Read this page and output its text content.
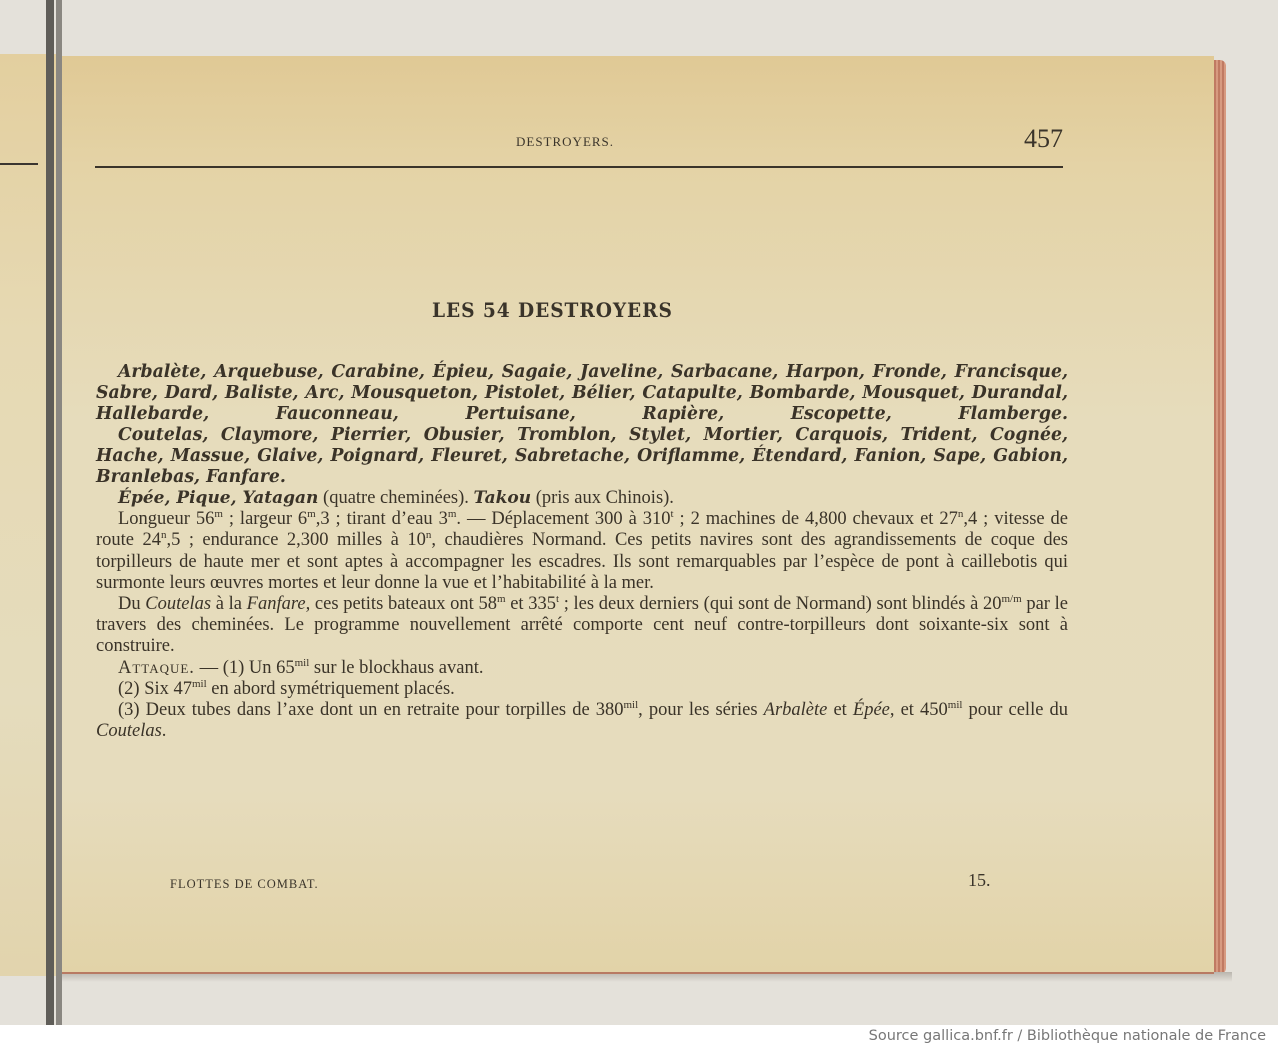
DESTROYERS.	457
LES 54 DESTROYERS

Arbalète, Arquebuse, Carabine, Épieu, Sagaie, Javeline, Sarbacane, Harpon, Fronde, Francisque, Sabre, Dard, Baliste, Arc, Mousqueton, Pistolet, Bélier, Catapulte, Bombarde, Mousquet, Durandal, Hallebarde, Fauconneau, Pertuisane, Rapière, Escopette, Flamberge.

Coutelas, Claymore, Pierrier, Obusier, Tromblon, Stylet, Mortier, Carquois, Trident, Cognée, Hache, Massue, Glaive, Poignard, Fleuret, Sabretache, Oriflamme, Étendard, Fanion, Sape, Gabion, Branlebas, Fanfare.

Épée, Pique, Yatagan (quatre cheminées). Takou (pris aux Chinois).

Longueur 56$^m$ ; largeur 6$^m$,3 ; tirant d’eau 3$^m$. — Déplacement 300 à 310$^t$ ; 2 machines de 4,800 chevaux et 27$^n$,4 ; vitesse de route 24$^n$,5 ; endurance 2,300 milles à 10$^n$, chaudières Normand. Ces petits navires sont des agrandissements de coque des torpilleurs de haute mer et sont aptes à accompagner les escadres. Ils sont remarquables par l’espèce de pont à caillebotis qui surmonte leurs œuvres mortes et leur donne la vue et l’habitabilité à la mer.

Du Coutelas à la Fanfare, ces petits bateaux ont 58$^m$ et 335$^t$ ; les deux derniers (qui sont de Normand) sont blindés à $20^{m/m}$ par le travers des cheminées. Le programme nouvellement arrêté comporte cent neuf contre-torpilleurs dont soixante-six sont à construire.

Attaque. — (1) Un $65^{mil}$ sur le blockhaus avant.

(2) Six $47^{mil}$ en abord symétriquement placés.

(3) Deux tubes dans l’axe dont un en retraite pour torpilles de $380^{mil}$, pour les séries Arbalète et Épée, et $450^{mil}$ pour celle du Coutelas.

FLOTTES DE COMBAT.	15.
Source gallica.bnf.fr / Bibliothèque nationale de France
